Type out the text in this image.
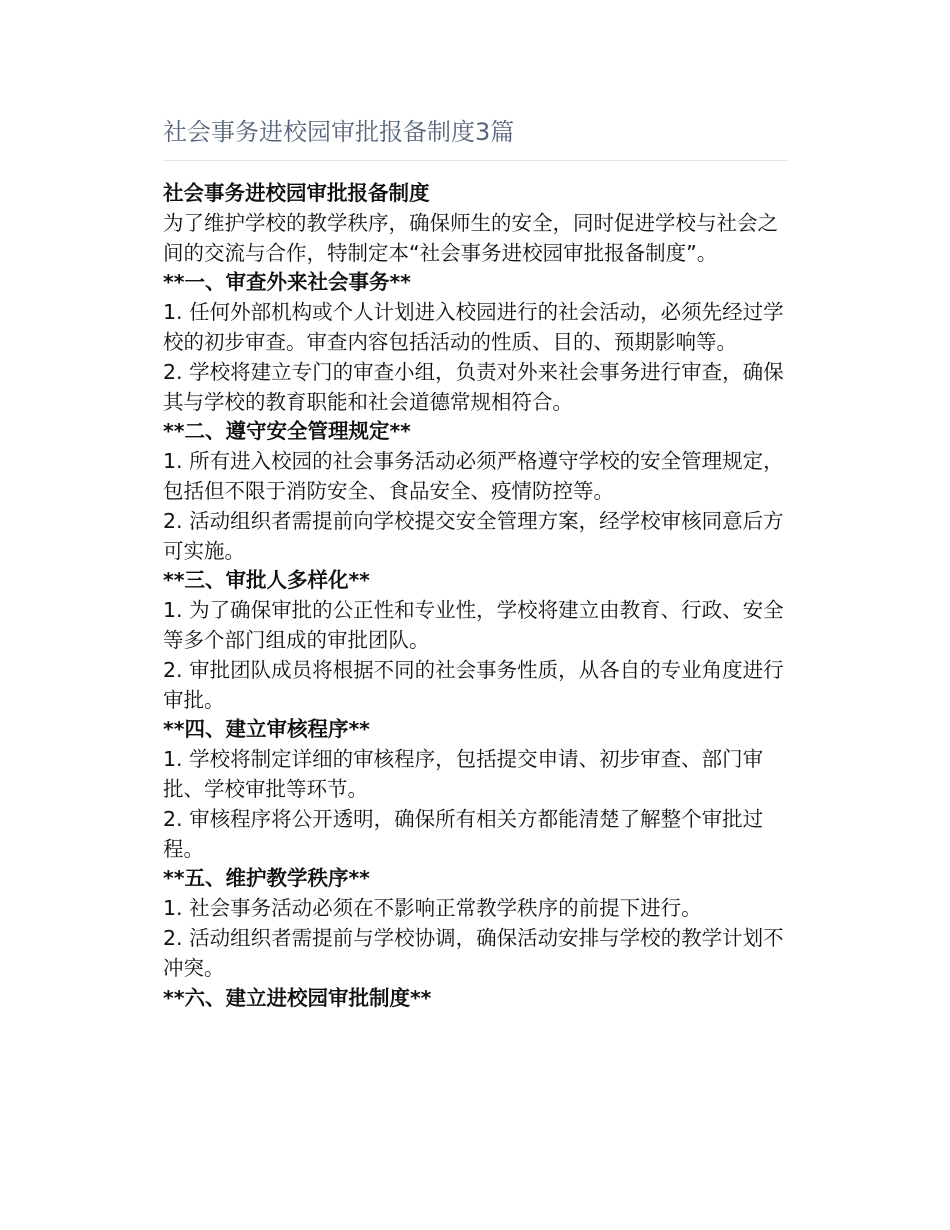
社会事务进校园审批报备制度3篇

社会事务进校园审批报备制度

为了维护学校的教学秩序，确保师生的安全，同时促进学校与社会之间的交流与合作，特制定本“社会事务进校园审批报备制度”。

**一、审查外来社会事务**

1. 任何外部机构或个人计划进入校园进行的社会活动，必须先经过学校的初步审查。审查内容包括活动的性质、目的、预期影响等。

2. 学校将建立专门的审查小组，负责对外来社会事务进行审查，确保其与学校的教育职能和社会道德常规相符合。

**二、遵守安全管理规定**

1. 所有进入校园的社会事务活动必须严格遵守学校的安全管理规定，包括但不限于消防安全、食品安全、疫情防控等。

2. 活动组织者需提前向学校提交安全管理方案，经学校审核同意后方可实施。

**三、审批人多样化**

1. 为了确保审批的公正性和专业性，学校将建立由教育、行政、安全等多个部门组成的审批团队。

2. 审批团队成员将根据不同的社会事务性质，从各自的专业角度进行审批。

**四、建立审核程序**

1. 学校将制定详细的审核程序，包括提交申请、初步审查、部门审批、学校审批等环节。

2. 审核程序将公开透明，确保所有相关方都能清楚了解整个审批过程。

**五、维护教学秩序**

1. 社会事务活动必须在不影响正常教学秩序的前提下进行。

2. 活动组织者需提前与学校协调，确保活动安排与学校的教学计划不冲突。

**六、建立进校园审批制度**
